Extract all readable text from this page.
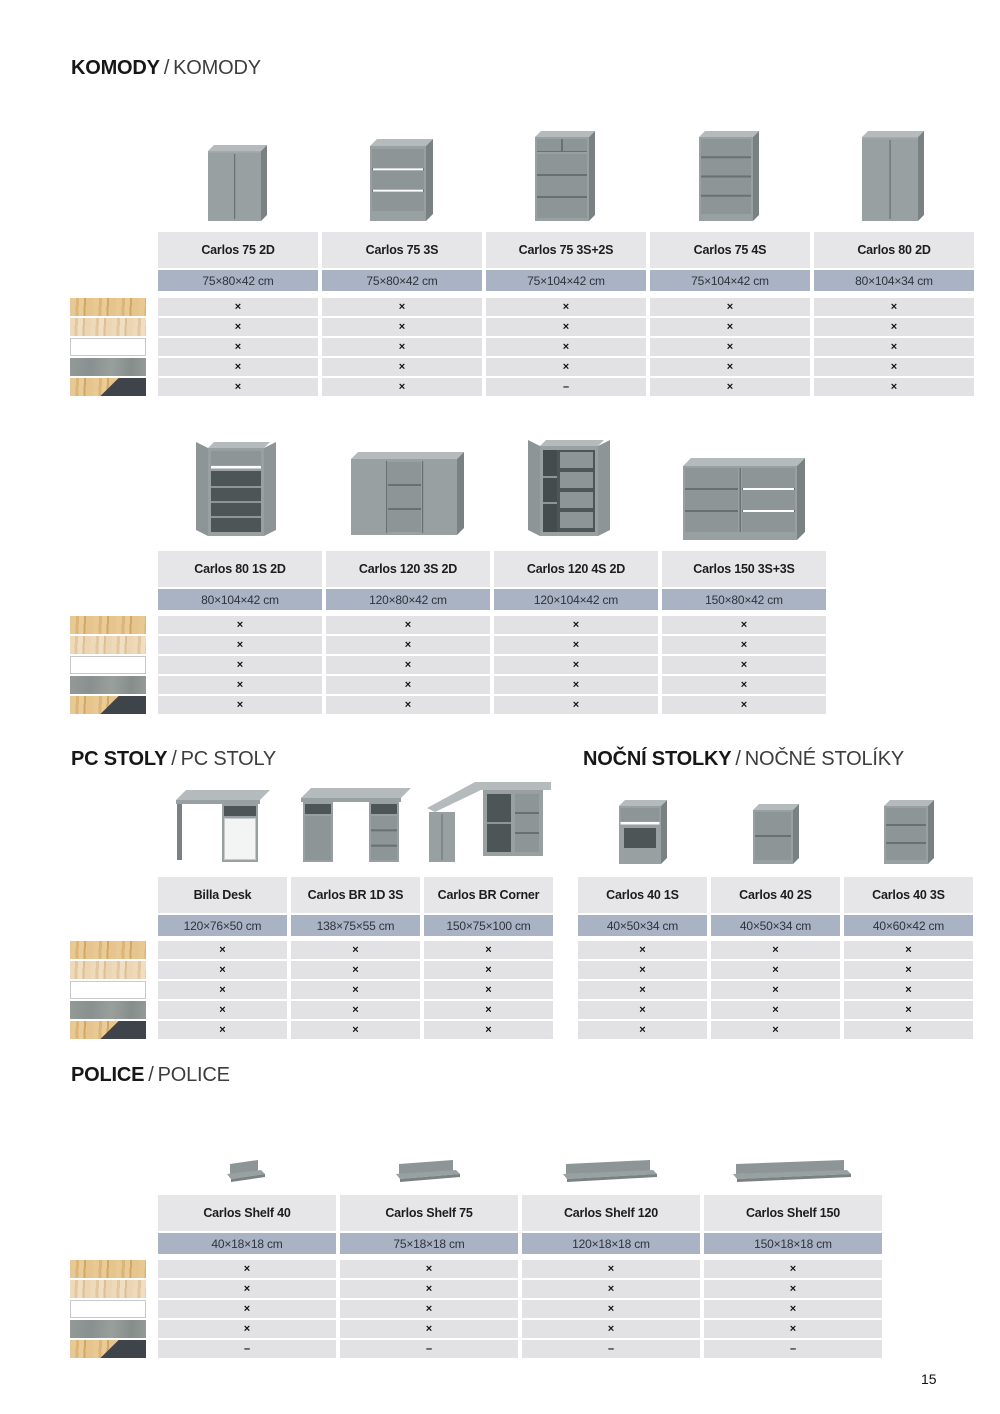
KOMODY / KOMODY
PC STOLY / PC STOLY	NOČNÍ STOLKY / NOČNÉ STOLÍKY
POLICE / POLICE
Carlos 75 2D	Carlos 75 3S	Carlos 75 3S+2S	Carlos 75 4S	Carlos 80 2D
75×80×42 cm	75×80×42 cm	75×104×42 cm	75×104×42 cm	80×104×34 cm
×	×	×	×	×
×	×	×	×	×
×	×	×	×	×
×	×	×	×	×
×	×	–	×	×
Carlos 80 1S 2D	Carlos 120 3S 2D	Carlos 120 4S 2D	Carlos 150 3S+3S
80×104×42 cm	120×80×42 cm	120×104×42 cm	150×80×42 cm
×	×	×	×
×	×	×	×
×	×	×	×
×	×	×	×
×	×	×	×
Billa Desk	Carlos BR 1D 3S	Carlos BR Corner
120×76×50 cm	138×75×55 cm	150×75×100 cm
×	×	×
×	×	×
×	×	×
×	×	×
×	×	×
Carlos 40 1S	Carlos 40 2S	Carlos 40 3S
40×50×34 cm	40×50×34 cm	40×60×42 cm
×	×	×
×	×	×
×	×	×
×	×	×
×	×	×
Carlos Shelf 40	Carlos Shelf 75	Carlos Shelf 120	Carlos Shelf 150
40×18×18 cm	75×18×18 cm	120×18×18 cm	150×18×18 cm
×	×	×	×
×	×	×	×
×	×	×	×
×	×	×	×
–	–	–	–
15
